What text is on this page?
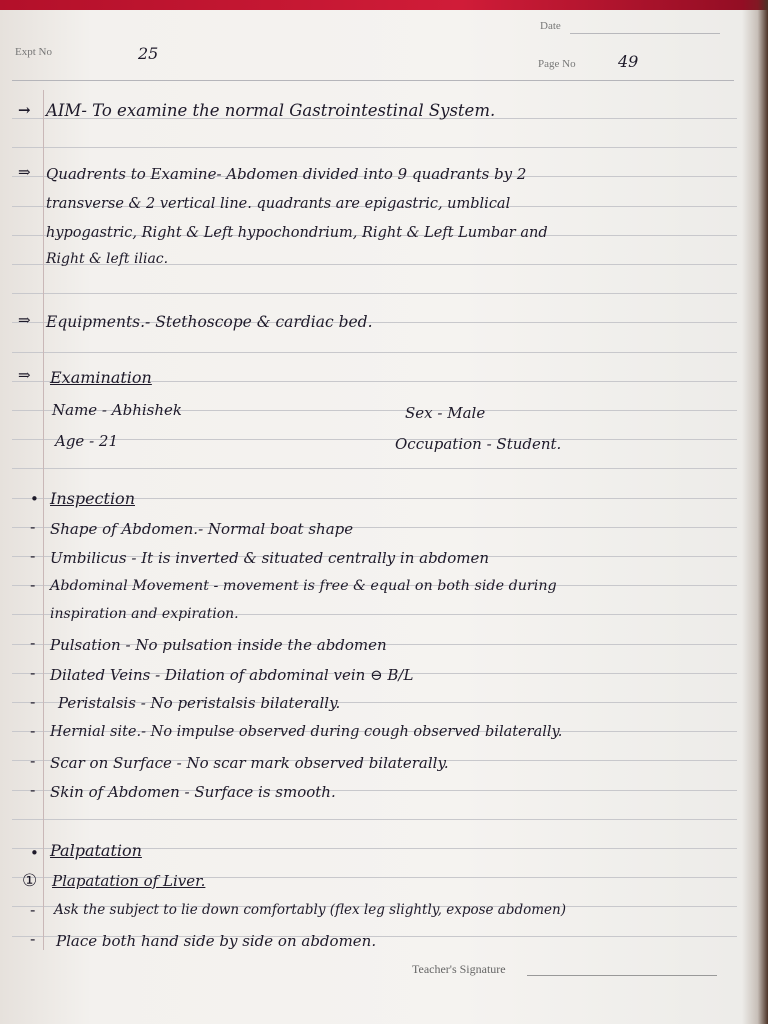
Date
Expt No	25
Page No	49
→ AIM- To examine the normal Gastrointestinal System.
⇒ Quadrents to Examine- Abdomen divided into 9 quadrants by 2
transverse & 2 vertical line. quadrants are epigastric, umblical
hypogastric, Right & Left hypochondrium, Right & Left Lumbar and
Right & left iliac.
⇒ Equipments.- Stethoscope & cardiac bed.
⇒ Examination
Name - Abhishek	Sex - Male
Age - 21	Occupation - Student.
• Inspection
- Shape of Abdomen.- Normal boat shape
- Umbilicus - It is inverted & situated centrally in abdomen
- Abdominal Movement - movement is free & equal on both side during
inspiration and expiration.
- Pulsation - No pulsation inside the abdomen
- Dilated Veins - Dilation of abdominal vein ⊖ B/L
- Peristalsis - No peristalsis bilaterally.
- Hernial site.- No impulse observed during cough observed bilaterally.
- Scar on Surface - No scar mark observed bilaterally.
- Skin of Abdomen - Surface is smooth.
• Palpatation
① Plapatation of Liver.
- Ask the subject to lie down comfortably (flex leg slightly, expose abdomen)
- Place both hand side by side on abdomen.
Teacher's Signature
